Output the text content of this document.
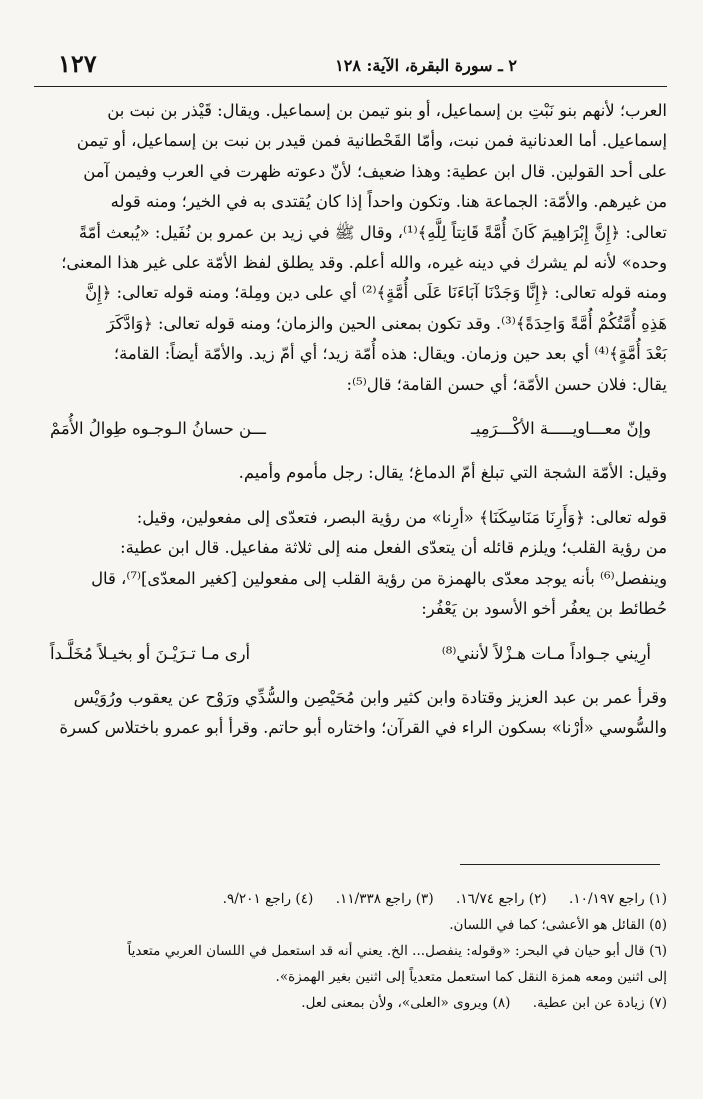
١٢٧	٢ ـ سورة البقرة، الآية: ١٢٨
العرب؛ لأنهم بنو نَبْتِ بن إسماعيل، أو بنو تيمن بن إسماعيل. ويقال: قَيْذر بن نبت بن
إسماعيل. أما العدنانية فمن نبت، وأمّا القَحْطانية فمن قيدر بن نبت بن إسماعيل، أو تيمن
على أحد القولين. قال ابن عطية: وهذا ضعيف؛ لأنّ دعوته ظهرت في العرب وفيمن آمن
من غيرهم. والأمّة: الجماعة هنا. وتكون واحداً إذا كان يُقتدى به في الخير؛ ومنه قوله
تعالى: ﴿إِنَّ إِبْرَاهِيمَ كَانَ أُمَّةً قَانِتاً لِلَّهِ﴾⁽¹⁾، وقال ﷺ في زيد بن عمرو بن نُفَيل: «يُبعث أمّةً
وحده» لأنه لم يشرك في دينه غيره، والله أعلم. وقد يطلق لفظ الأمّة على غير هذا المعنى؛
ومنه قوله تعالى: ﴿إِنَّا وَجَدْنَا آبَاءَنَا عَلَى أُمَّةٍ﴾⁽²⁾ أي على دين ومِلة؛ ومنه قوله تعالى: ﴿إِنَّ
هَذِهِ أُمَّتُكُمْ أُمَّةً وَاحِدَةً﴾⁽³⁾. وقد تكون بمعنى الحين والزمان؛ ومنه قوله تعالى: ﴿وَادَّكَرَ
بَعْدَ أُمَّةٍ﴾⁽⁴⁾ أي بعد حين وزمان. ويقال: هذه أُمّة زيد؛ أي أمّ زيد. والأمّة أيضاً: القامة؛
يقال: فلان حسن الأمّة؛ أي حسن القامة؛ قال⁽⁵⁾:
وإنّ معـــاويـــــة الأكْـــرَمِيـ
ـــن حسانُ الـوجـوه طِوالُ الأُمَمْ
وقيل: الأمّة الشجة التي تبلغ أمّ الدماغ؛ يقال: رجل مأموم وأميم.
قوله تعالى: ﴿وَأَرِنَا مَنَاسِكَنَا﴾ «أرِنا» من رؤية البصر، فتعدّى إلى مفعولين، وقيل:
من رؤية القلب؛ ويلزم قائله أن يتعدّى الفعل منه إلى ثلاثة مفاعيل. قال ابن عطية:
وينفصل⁽⁶⁾ بأنه يوجد معدّى بالهمزة من رؤية القلب إلى مفعولين [كغير المعدّى]⁽⁷⁾، قال
حُطائط بن يعفُر أخو الأسود بن يَعْفُر:
أرِيني جـواداً مـات هـزْلاً لأنني⁽⁸⁾
أرى مـا تـرَيْـنَ أو بخيـلاً مُخَلَّـداً
وقرأ عمر بن عبد العزيز وقتادة وابن كثير وابن مُحَيْصِن والسُّدِّي ورَوْح عن يعقوب ورُوَيْس
والسُّوسي «أرْنا» بسكون الراء في القرآن؛ واختاره أبو حاتم. وقرأ أبو عمرو باختلاس كسرة
(١) راجع ١٠/١٩٧. (٢) راجع ١٦/٧٤. (٣) راجع ١١/٣٣٨. (٤) راجع ٩/٢٠١.
(٥) القائل هو الأعشى؛ كما في اللسان.
(٦) قال أبو حيان في البحر: «وقوله: ينفصل... الخ. يعني أنه قد استعمل في اللسان العربي متعدياً
إلى اثنين ومعه همزة النقل كما استعمل متعدياً إلى اثنين بغير الهمزة».
(٧) زيادة عن ابن عطية. (٨) ويروى «العلى»، ولأن بمعنى لعل.
